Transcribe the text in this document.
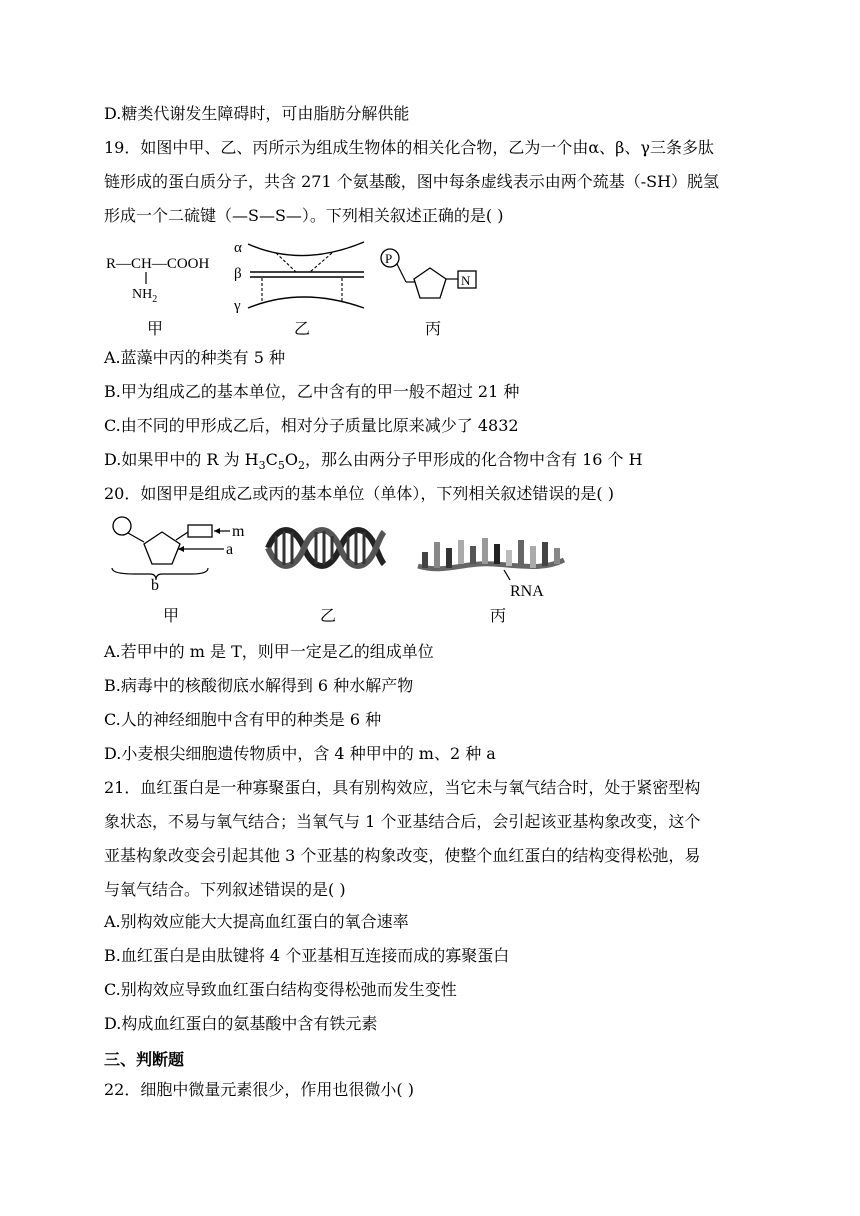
D.糖类代谢发生障碍时，可由脂肪分解供能
19．如图中甲、乙、丙所示为组成生物体的相关化合物，乙为一个由α、β、γ三条多肽
链形成的蛋白质分子，共含 271 个氨基酸，图中每条虚线表示由两个巯基（-SH）脱氢
形成一个二硫键（—S—S—）。下列相关叙述正确的是( )
R—CH—COOH
$NH_2$
α
β
γ
P
N
甲	乙	丙
A.蓝藻中丙的种类有 5 种
B.甲为组成乙的基本单位，乙中含有的甲一般不超过 21 种
C.由不同的甲形成乙后，相对分子质量比原来减少了 4832
D.如果甲中的 R 为 $H_3C_5O_2$，那么由两分子甲形成的化合物中含有 16 个 H
20．如图甲是组成乙或丙的基本单位（单体），下列相关叙述错误的是( )
m
a
b	RNA
甲	乙	丙
A.若甲中的 m 是 T，则甲一定是乙的组成单位
B.病毒中的核酸彻底水解得到 6 种水解产物
C.人的神经细胞中含有甲的种类是 6 种
D.小麦根尖细胞遗传物质中，含 4 种甲中的 m、2 种 a
21．血红蛋白是一种寡聚蛋白，具有别构效应，当它未与氧气结合时，处于紧密型构
象状态，不易与氧气结合；当氧气与 1 个亚基结合后，会引起该亚基构象改变，这个
亚基构象改变会引起其他 3 个亚基的构象改变，使整个血红蛋白的结构变得松弛，易
与氧气结合。下列叙述错误的是( )
A.别构效应能大大提高血红蛋白的氧合速率
B.血红蛋白是由肽键将 4 个亚基相互连接而成的寡聚蛋白
C.别构效应导致血红蛋白结构变得松弛而发生变性
D.构成血红蛋白的氨基酸中含有铁元素
三、判断题
22．细胞中微量元素很少，作用也很微小( )
